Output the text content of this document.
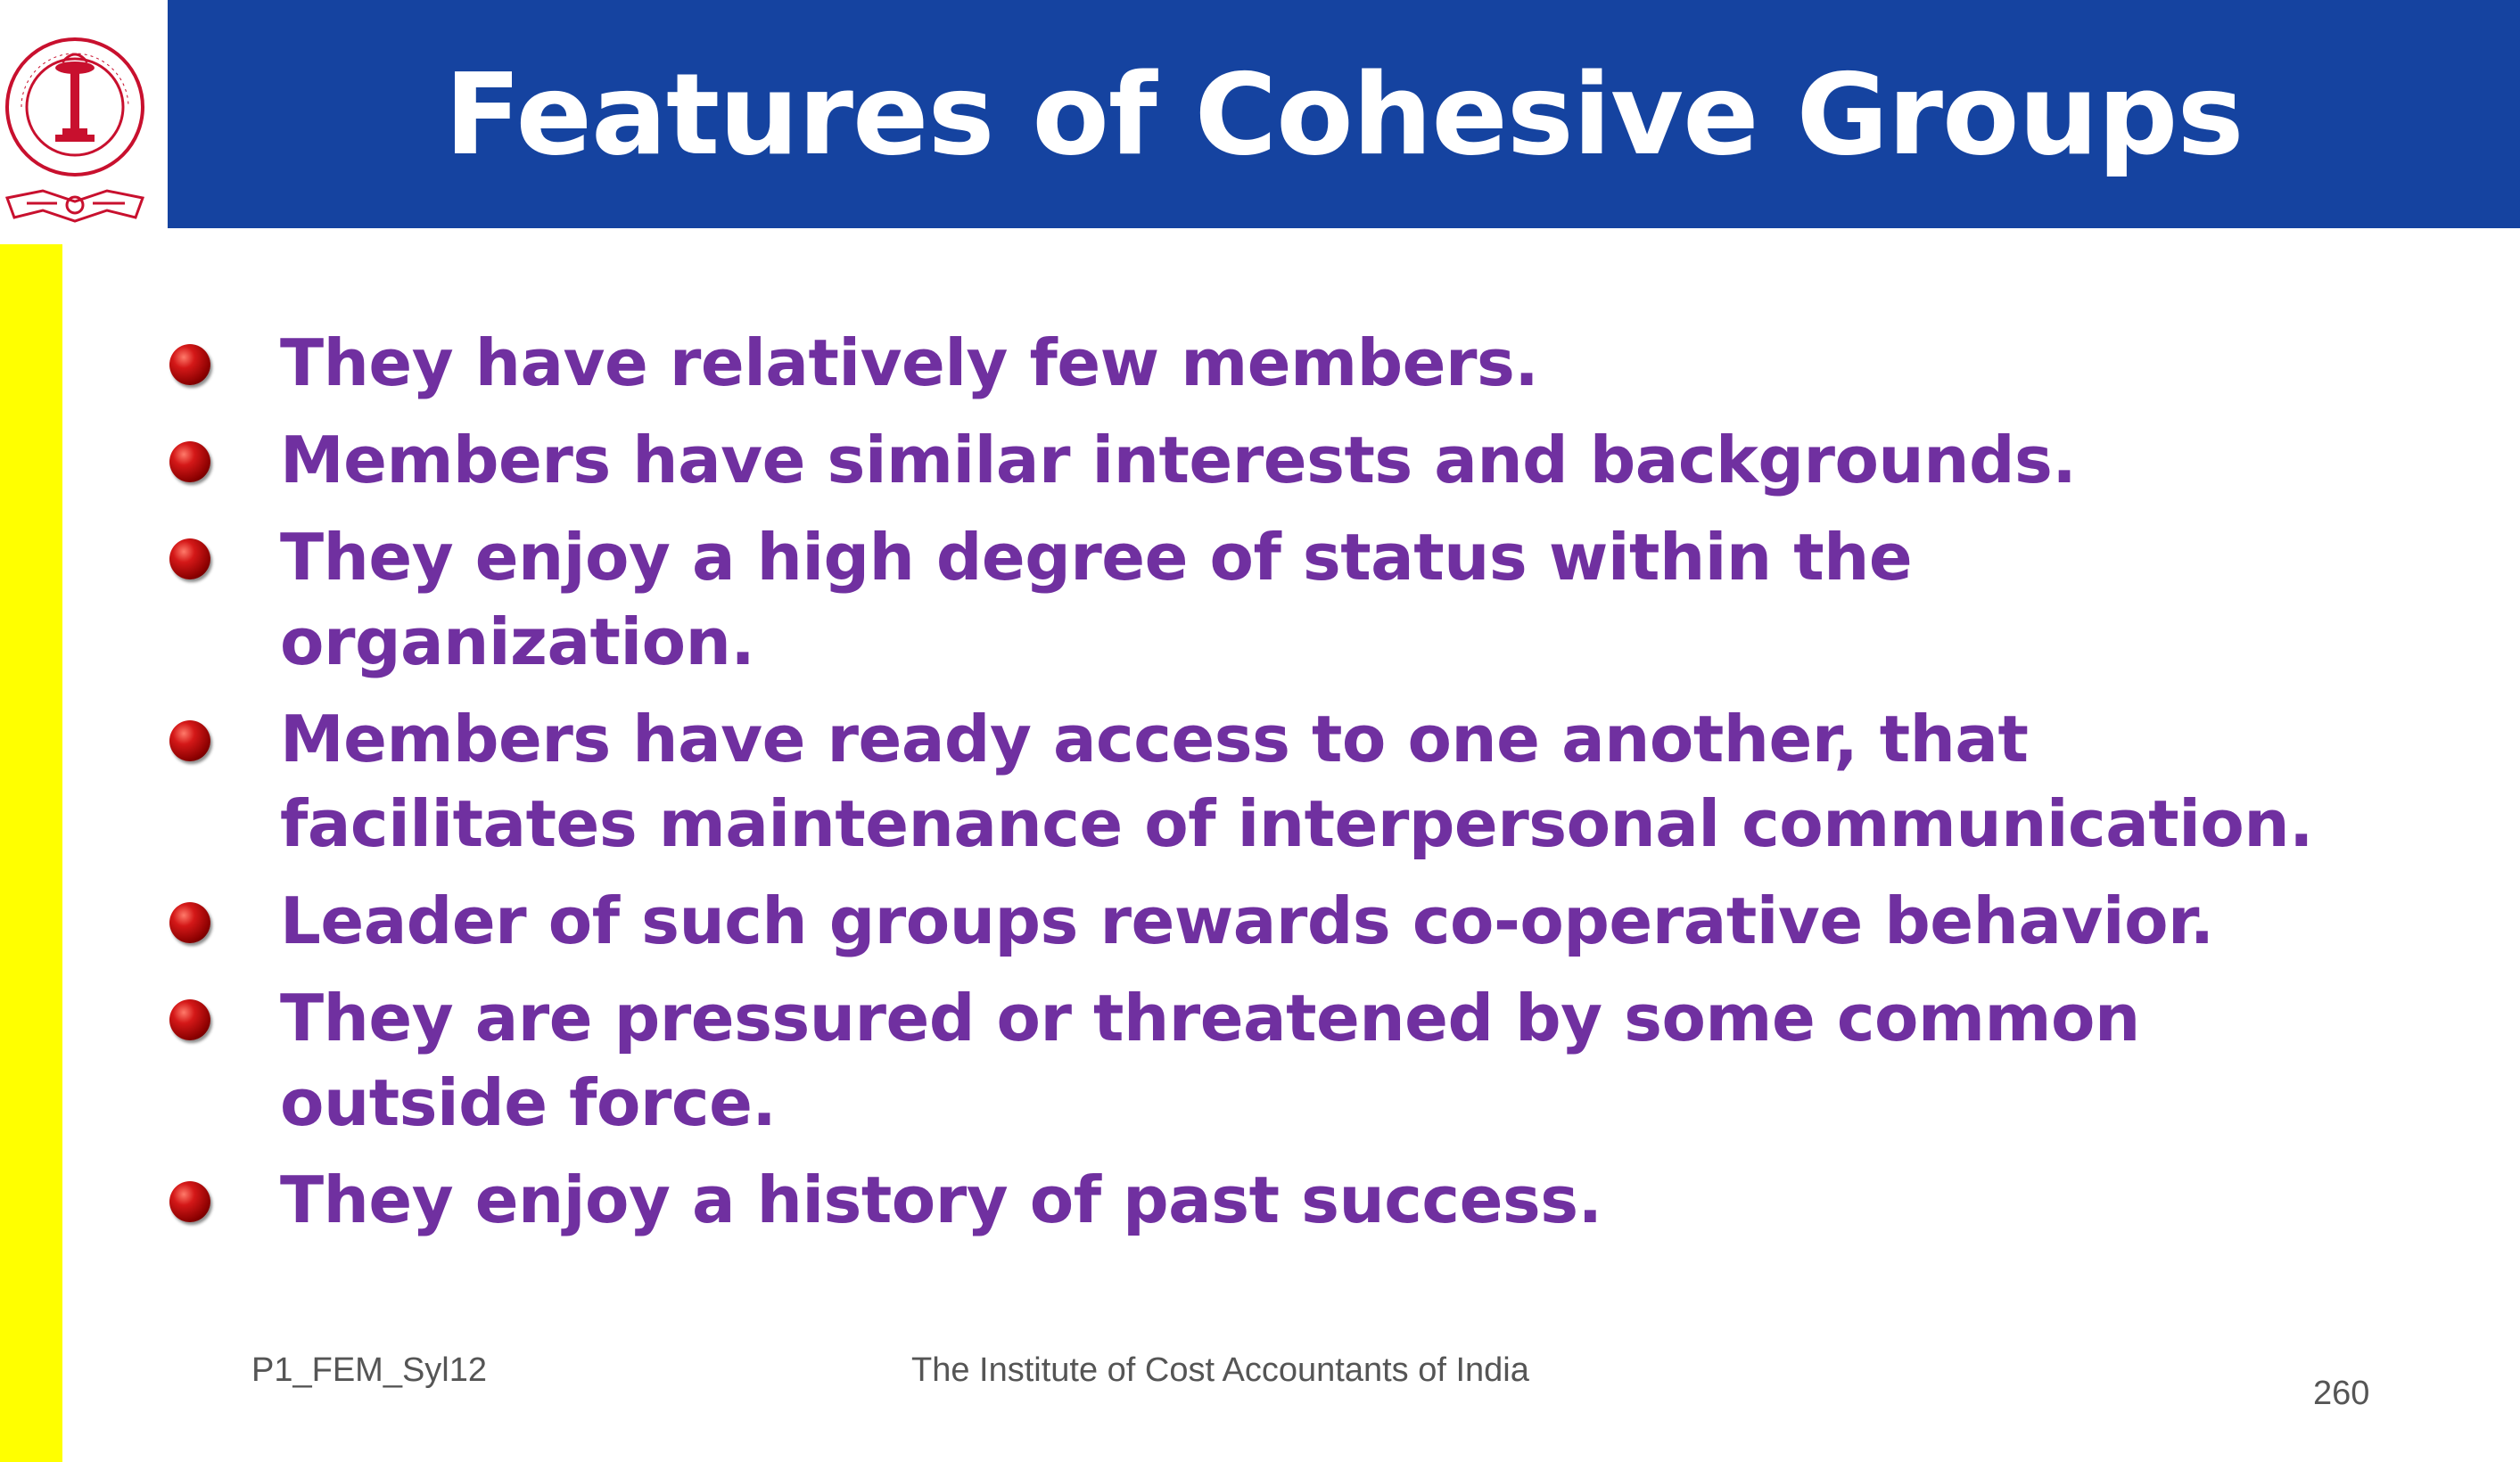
Features of Cohesive Groups
They have relatively few members.
Members have similar interests and backgrounds.
They enjoy a high degree of status within the organization.
Members have ready access to one another, that facilitates maintenance of interpersonal communication.
Leader of such groups rewards co-operative behavior.
They are pressured or threatened by some common outside force.
They enjoy a history of past success.
P1_FEM_Syl12	The Institute of Cost Accountants of India
260
